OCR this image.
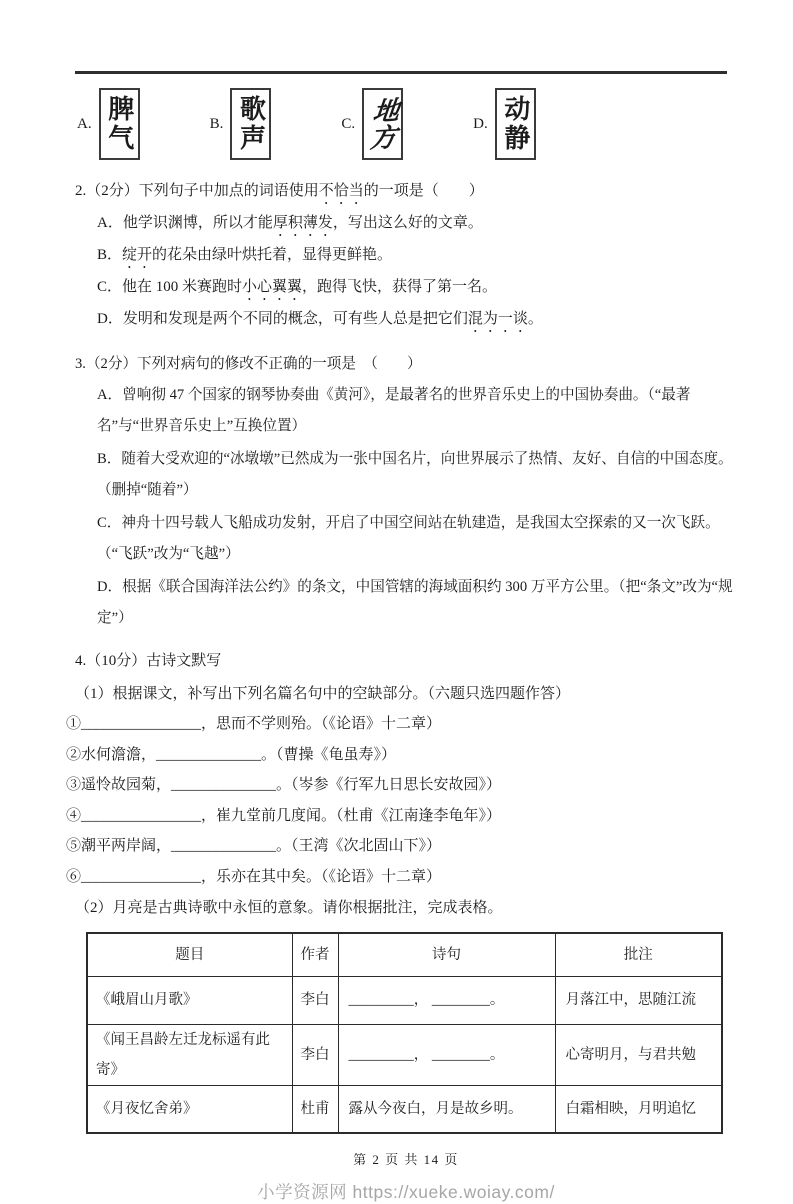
A. 脾气	B. 歌声	C. 地方	D. 动静
2.（2分）下列句子中加点的词语使用不恰当的一项是（　　）
A．他学识渊博，所以才能厚积薄发，写出这么好的文章。
B．绽开的花朵由绿叶烘托着，显得更鲜艳。
C．他在 100 米赛跑时小心翼翼，跑得飞快，获得了第一名。
D．发明和发现是两个不同的概念，可有些人总是把它们混为一谈。
3.（2分）下列对病句的修改不正确的一项是　（　　）
A．曾响彻 47 个国家的钢琴协奏曲《黄河》，是最著名的世界音乐史上的中国协奏曲。（“最著名”与“世界音乐史上”互换位置）
B．随着大受欢迎的“冰墩墩”已然成为一张中国名片，向世界展示了热情、友好、自信的中国态度。（删掉“随着”）
C．神舟十四号载人飞船成功发射，开启了中国空间站在轨建造，是我国太空探索的又一次飞跃。（“飞跃”改为“飞越”）
D．根据《联合国海洋法公约》的条文，中国管辖的海域面积约 300 万平方公里。（把“条文”改为“规定”）
4.（10分）古诗文默写
（1）根据课文，补写出下列名篇名句中的空缺部分。（六题只选四题作答）
①________________，思而不学则殆。（《论语》十二章）
②水何澹澹，______________。（曹操《龟虽寿》）
③遥怜故园菊，______________。（岑参《行军九日思长安故园》）
④________________，崔九堂前几度闻。（杜甫《江南逢李龟年》）
⑤潮平两岸阔，______________。（王湾《次北固山下》）
⑥________________，乐亦在其中矣。（《论语》十二章）
（2）月亮是古典诗歌中永恒的意象。请你根据批注，完成表格。
题目	作者	诗句	批注
《峨眉山月歌》	李白	_________， ________。	月落江中，思随江流
《闻王昌龄左迁龙标遥有此寄》	李白	_________， ________。	心寄明月，与君共勉
《月夜忆舍弟》	杜甫	露从今夜白，月是故乡明。	白霜相映，月明追忆
第 2 页 共 14 页
小学资源网 https://xueke.woiay.com/
